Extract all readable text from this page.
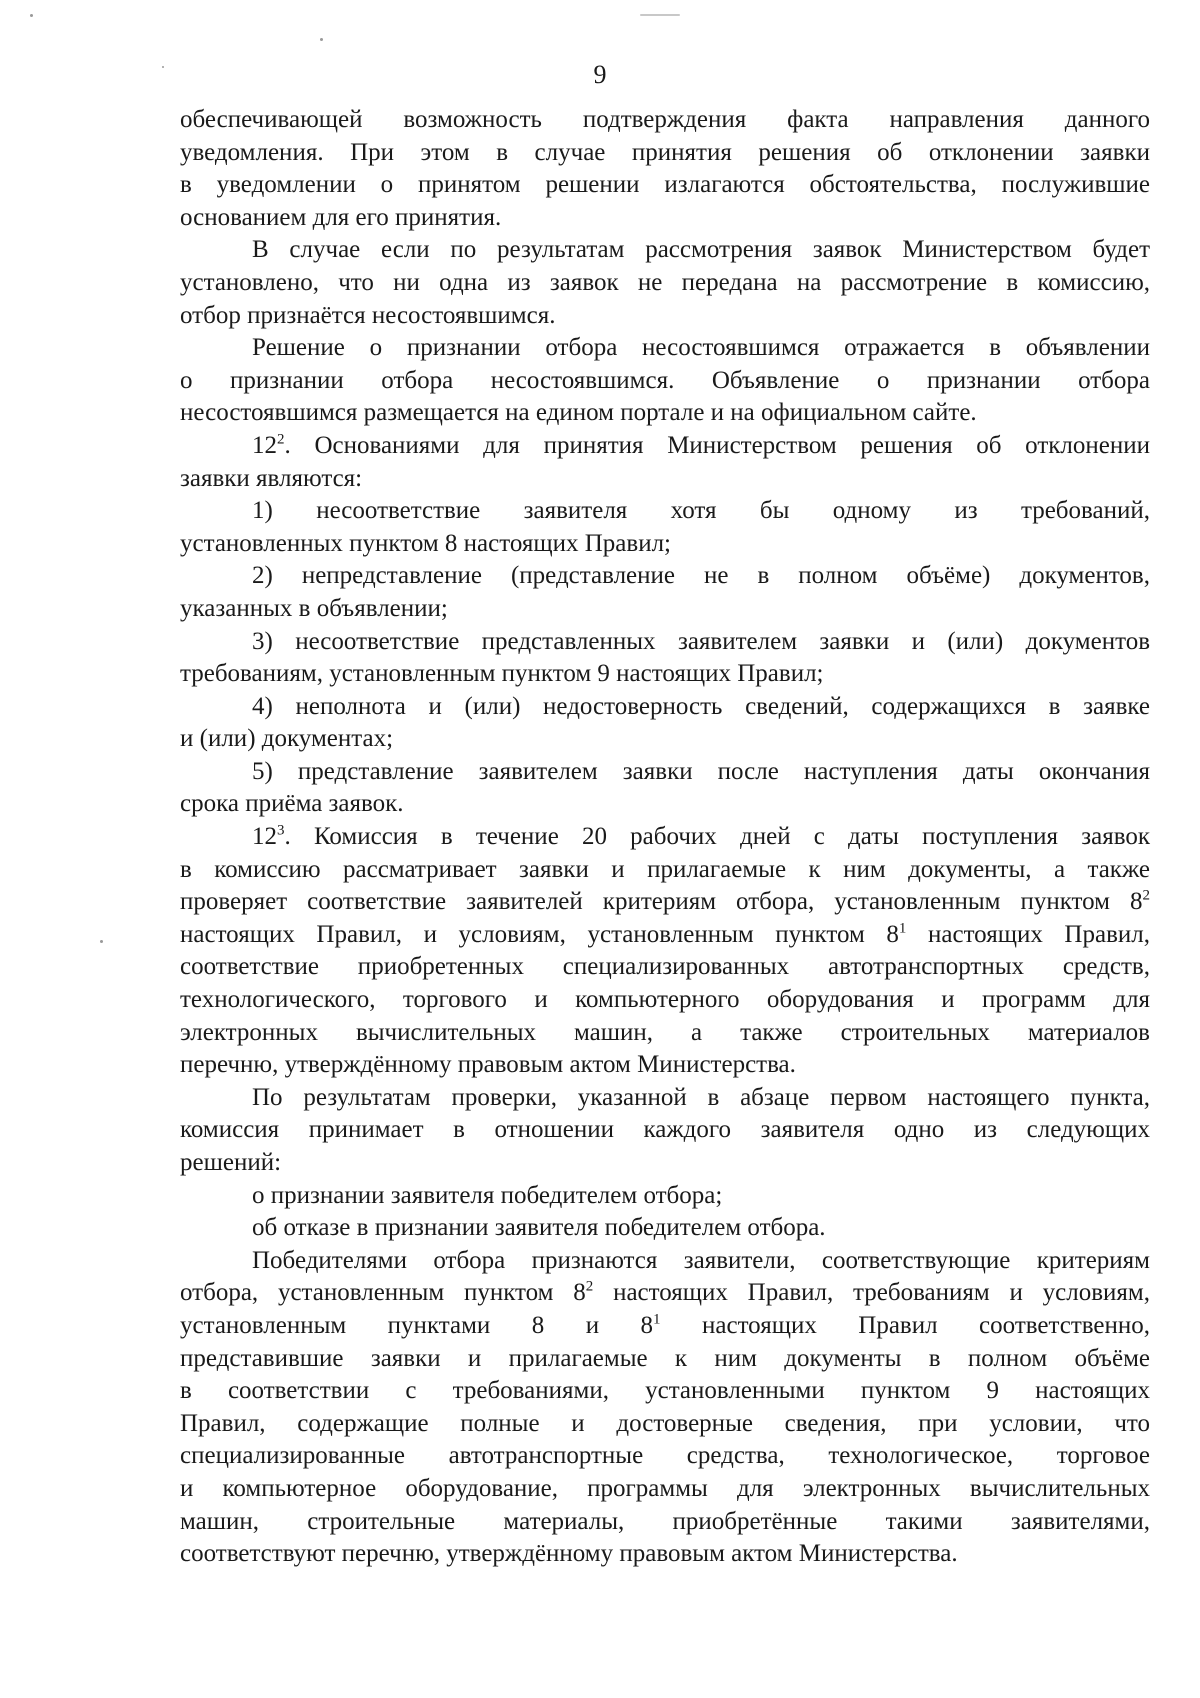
9

обеспечивающей возможность подтверждения факта направления данного
уведомления. При этом в случае принятия решения об отклонении заявки
в уведомлении о принятом решении излагаются обстоятельства, послужившие
основанием для его принятия.

В случае если по результатам рассмотрения заявок Министерством будет
установлено, что ни одна из заявок не передана на рассмотрение в комиссию,
отбор признаётся несостоявшимся.

Решение о признании отбора несостоявшимся отражается в объявлении
о признании отбора несостоявшимся. Объявление о признании отбора
несостоявшимся размещается на едином портале и на официальном сайте.

$12^2$. Основаниями для принятия Министерством решения об отклонении
заявки являются:

1) несоответствие заявителя хотя бы одному из требований,
установленных пунктом 8 настоящих Правил;

2) непредставление (представление не в полном объёме) документов,
указанных в объявлении;

3) несоответствие представленных заявителем заявки и (или) документов
требованиям, установленным пунктом 9 настоящих Правил;

4) неполнота и (или) недостоверность сведений, содержащихся в заявке
и (или) документах;

5) представление заявителем заявки после наступления даты окончания
срока приёма заявок.

$12^3$. Комиссия в течение 20 рабочих дней с даты поступления заявок
в комиссию рассматривает заявки и прилагаемые к ним документы, а также
проверяет соответствие заявителей критериям отбора, установленным пунктом $8^2$
настоящих Правил, и условиям, установленным пунктом $8^1$ настоящих Правил,
соответствие приобретенных специализированных автотранспортных средств,
технологического, торгового и компьютерного оборудования и программ для
электронных вычислительных машин, а также строительных материалов
перечню, утверждённому правовым актом Министерства.

По результатам проверки, указанной в абзаце первом настоящего пункта,
комиссия принимает в отношении каждого заявителя одно из следующих
решений:

о признании заявителя победителем отбора;

об отказе в признании заявителя победителем отбора.

Победителями отбора признаются заявители, соответствующие критериям
отбора, установленным пунктом $8^2$ настоящих Правил, требованиям и условиям,
установленным пунктами 8 и $8^1$ настоящих Правил соответственно,
представившие заявки и прилагаемые к ним документы в полном объёме
в соответствии с требованиями, установленными пунктом 9 настоящих
Правил, содержащие полные и достоверные сведения, при условии, что
специализированные автотранспортные средства, технологическое, торговое
и компьютерное оборудование, программы для электронных вычислительных
машин, строительные материалы, приобретённые такими заявителями,
соответствуют перечню, утверждённому правовым актом Министерства.
